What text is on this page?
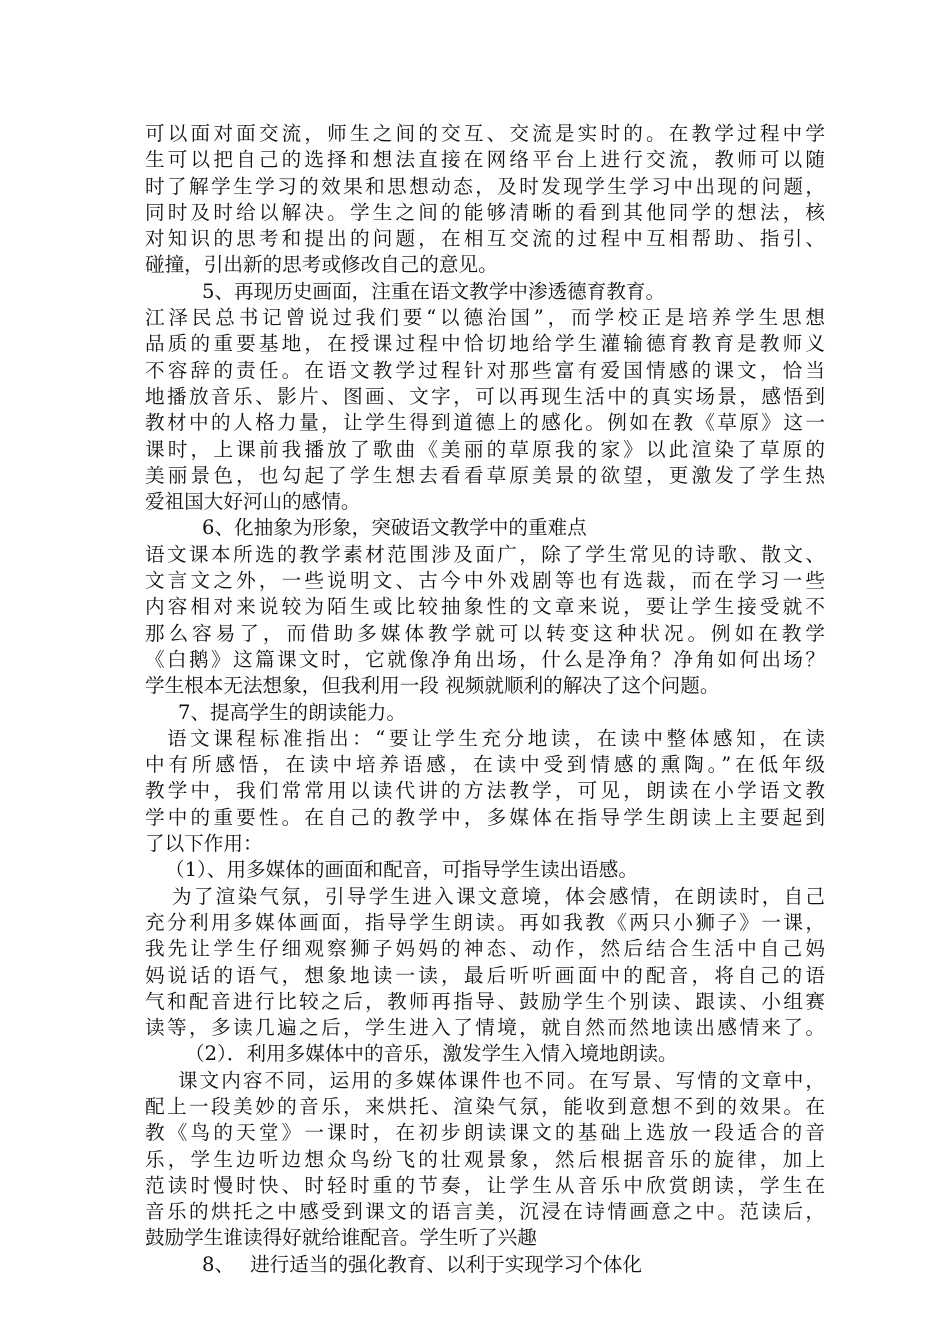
可以面对面交流，师生之间的交互、交流是实时的。在教学过程中学
生可以把自己的选择和想法直接在网络平台上进行交流，教师可以随
时了解学生学习的效果和思想动态，及时发现学生学习中出现的问题，
同时及时给以解决。学生之间的能够清晰的看到其他同学的想法，核
对知识的思考和提出的问题，在相互交流的过程中互相帮助、指引、
碰撞，引出新的思考或修改自己的意见。
5、再现历史画面，注重在语文教学中渗透德育教育。
江泽民总书记曾说过我们要“以德治国”，而学校正是培养学生思想
品质的重要基地，在授课过程中恰切地给学生灌输德育教育是教师义
不容辞的责任。在语文教学过程针对那些富有爱国情感的课文，恰当
地播放音乐、影片、图画、文字，可以再现生活中的真实场景，感悟到
教材中的人格力量，让学生得到道德上的感化。例如在教《草原》这一
课时，上课前我播放了歌曲《美丽的草原我的家》以此渲染了草原的
美丽景色，也勾起了学生想去看看草原美景的欲望，更激发了学生热
爱祖国大好河山的感情。
6、化抽象为形象，突破语文教学中的重难点
语文课本所选的教学素材范围涉及面广，除了学生常见的诗歌、散文、
文言文之外，一些说明文、古今中外戏剧等也有选裁，而在学习一些
内容相对来说较为陌生或比较抽象性的文章来说，要让学生接受就不
那么容易了，而借助多媒体教学就可以转变这种状况。例如在教学
《白鹅》这篇课文时，它就像净角出场，什么是净角？净角如何出场？
学生根本无法想象，但我利用一段 视频就顺利的解决了这个问题。
7、提高学生的朗读能力。
语文课程标准指出：“要让学生充分地读，在读中整体感知，在读
中有所感悟，在读中培养语感，在读中受到情感的熏陶。”在低年级
教学中，我们常常用以读代讲的方法教学，可见，朗读在小学语文教
学中的重要性。在自己的教学中，多媒体在指导学生朗读上主要起到
了以下作用：
（1）、用多媒体的画面和配音，可指导学生读出语感。
为了渲染气氛，引导学生进入课文意境，体会感情，在朗读时，自己
充分利用多媒体画面，指导学生朗读。再如我教《两只小狮子》一课，
我先让学生仔细观察狮子妈妈的神态、动作，然后结合生活中自己妈
妈说话的语气，想象地读一读，最后听听画面中的配音，将自己的语
气和配音进行比较之后，教师再指导、鼓励学生个别读、跟读、小组赛
读等，多读几遍之后，学生进入了情境，就自然而然地读出感情来了。
（2）．利用多媒体中的音乐，激发学生入情入境地朗读。
课文内容不同，运用的多媒体课件也不同。在写景、写情的文章中，
配上一段美妙的音乐，来烘托、渲染气氛，能收到意想不到的效果。在
教《鸟的天堂》一课时，在初步朗读课文的基础上选放一段适合的音
乐，学生边听边想众鸟纷飞的壮观景象，然后根据音乐的旋律，加上
范读时慢时快、时轻时重的节奏，让学生从音乐中欣赏朗读，学生在
音乐的烘托之中感受到课文的语言美，沉浸在诗情画意之中。范读后，
鼓励学生谁读得好就给谁配音。学生听了兴趣
8、　 进行适当的强化教育、以利于实现学习个体化
